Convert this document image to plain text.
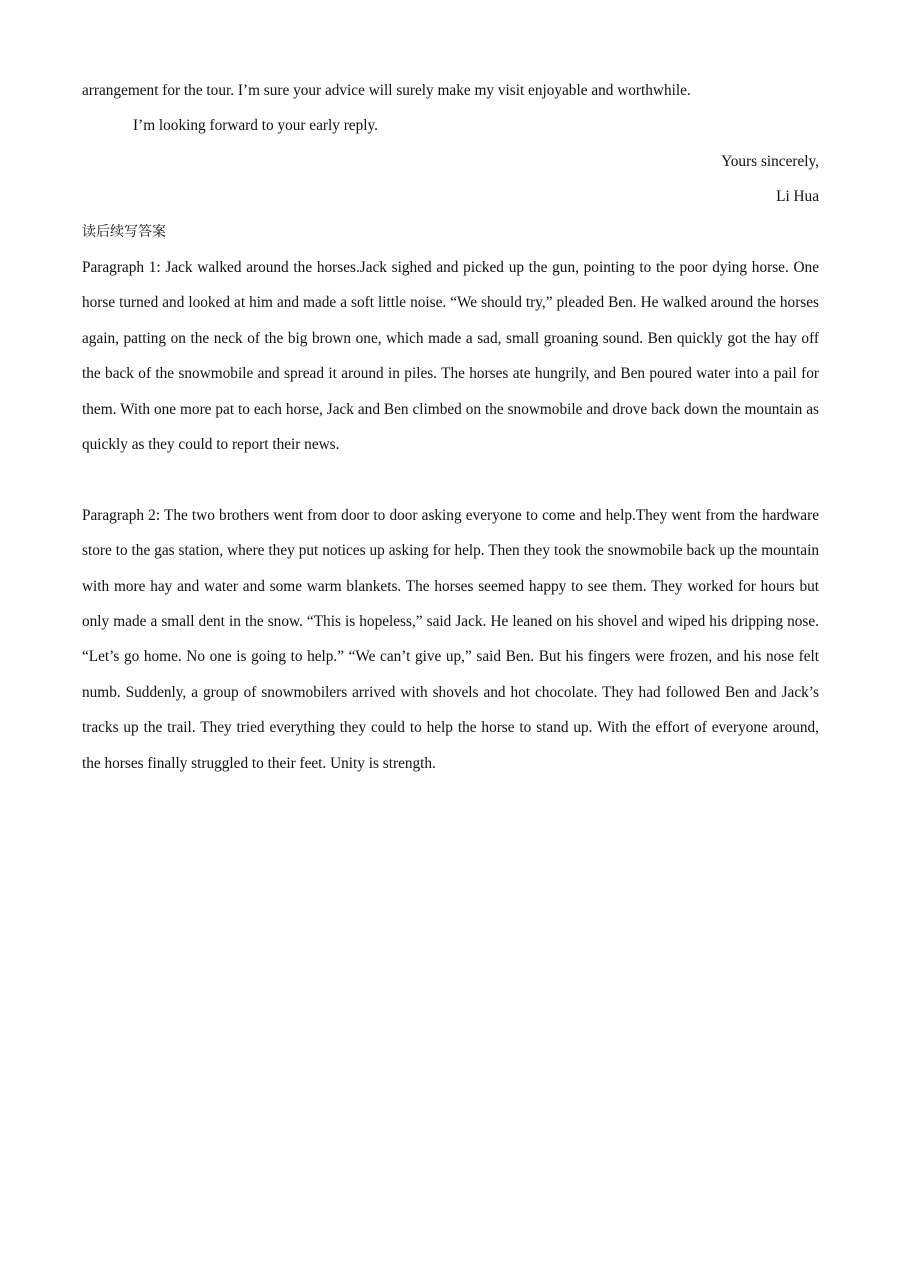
arrangement for the tour. I’m sure your advice will surely make my visit enjoyable and worthwhile.

I’m looking forward to your early reply.

Yours sincerely,

Li Hua

读后续写答案

Paragraph 1: Jack walked around the horses.Jack sighed and picked up the gun, pointing to the poor dying horse. One horse turned and looked at him and made a soft little noise. “We should try,” pleaded Ben. He walked around the horses again, patting on the neck of the big brown one, which made a sad, small groaning sound. Ben quickly got the hay off the back of the snowmobile and spread it around in piles. The horses ate hungrily, and Ben poured water into a pail for them. With one more pat to each horse, Jack and Ben climbed on the snowmobile and drove back down the mountain as quickly as they could to report their news.

Paragraph 2: The two brothers went from door to door asking everyone to come and help.They went from the hardware store to the gas station, where they put notices up asking for help. Then they took the snowmobile back up the mountain with more hay and water and some warm blankets. The horses seemed happy to see them. They worked for hours but only made a small dent in the snow. “This is hopeless,” said Jack. He leaned on his shovel and wiped his dripping nose. “Let’s go home. No one is going to help.” “We can’t give up,” said Ben. But his fingers were frozen, and his nose felt numb. Suddenly, a group of snowmobilers arrived with shovels and hot chocolate. They had followed Ben and Jack’s tracks up the trail. They tried everything they could to help the horse to stand up. With the effort of everyone around, the horses finally struggled to their feet. Unity is strength.
